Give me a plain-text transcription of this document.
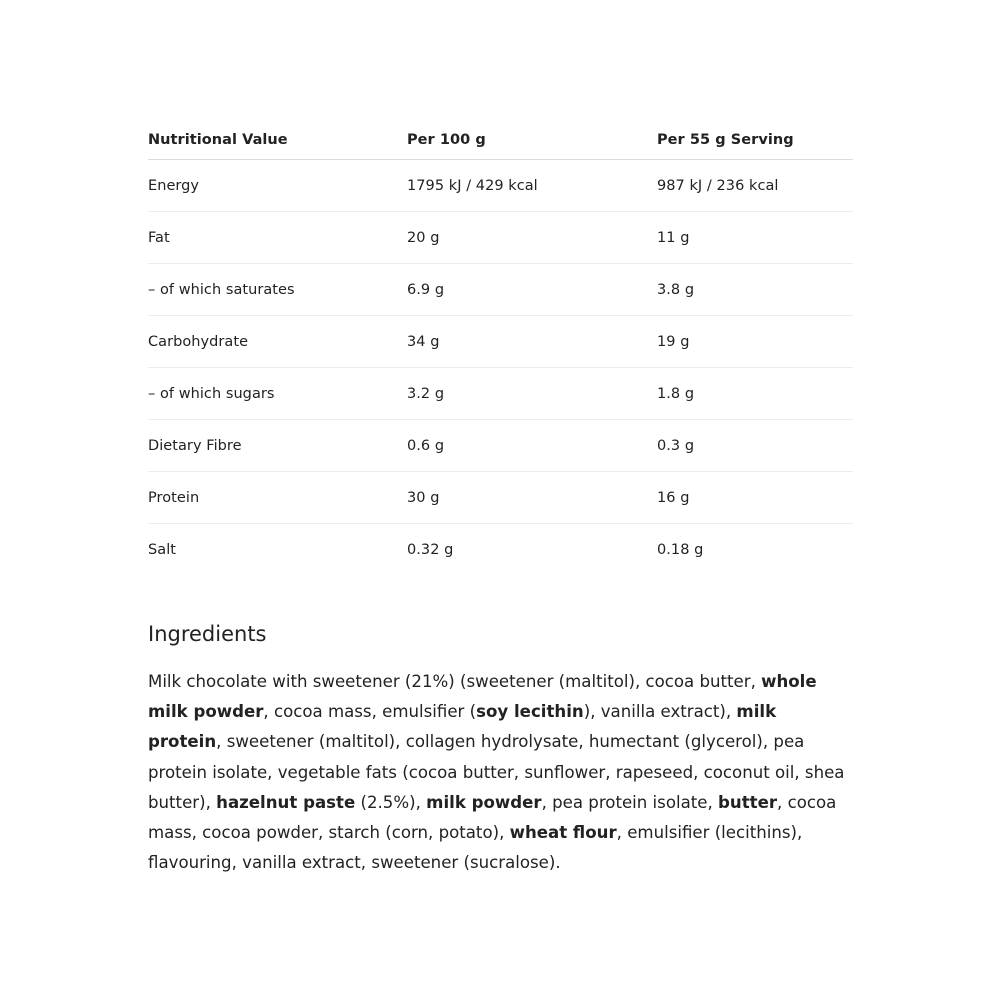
Nutritional Value	Per 100 g	Per 55 g Serving
Energy	1795 kJ / 429 kcal	987 kJ / 236 kcal
Fat	20 g	11 g
– of which saturates	6.9 g	3.8 g
Carbohydrate	34 g	19 g
– of which sugars	3.2 g	1.8 g
Dietary Fibre	0.6 g	0.3 g
Protein	30 g	16 g
Salt	0.32 g	0.18 g
Ingredients

Milk chocolate with sweetener (21%) (sweetener (maltitol), cocoa butter, whole milk powder, cocoa mass, emulsifier (soy lecithin), vanilla extract), milk protein, sweetener (maltitol), collagen hydrolysate, humectant (glycerol), pea protein isolate, vegetable fats (cocoa butter, sunflower, rapeseed, coconut oil, shea butter), hazelnut paste (2.5%), milk powder, pea protein isolate, butter, cocoa mass, cocoa powder, starch (corn, potato), wheat flour, emulsifier (lecithins), flavouring, vanilla extract, sweetener (sucralose).
